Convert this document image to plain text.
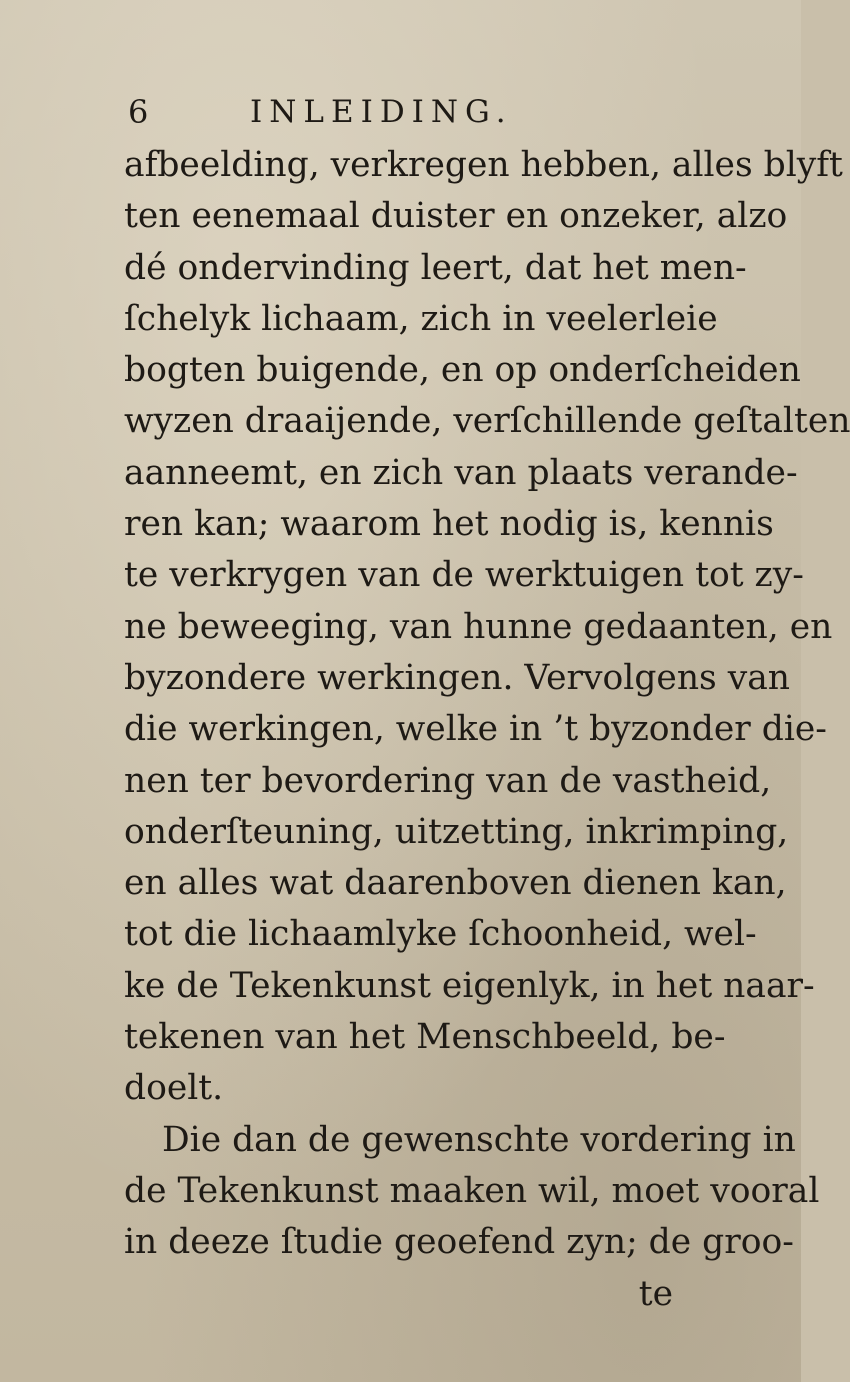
6	INLEIDING.
afbeelding, verkregen hebben, alles blyft
ten eenemaal duister en onzeker, alzo
dé ondervinding leert, dat het men-
ſchelyk lichaam, zich in veelerleie
bogten buigende, en op onderſcheiden
wyzen draaijende, verſchillende geſtalten
aanneemt, en zich van plaats verande-
ren kan; waarom het nodig is, kennis
te verkrygen van de werktuigen tot zy-
ne beweeging, van hunne gedaanten, en
byzondere werkingen. Vervolgens van
die werkingen, welke in ’t byzonder die-
nen ter bevordering van de vastheid,
onderſteuning, uitzetting, inkrimping,
en alles wat daarenboven dienen kan,
tot die lichaamlyke ſchoonheid, wel-
ke de Tekenkunst eigenlyk, in het naar-
tekenen van het Menschbeeld, be-
doelt.
Die dan de gewenschte vordering in
de Tekenkunst maaken wil, moet vooral
in deeze ſtudie geoefend zyn; de groo-
te
